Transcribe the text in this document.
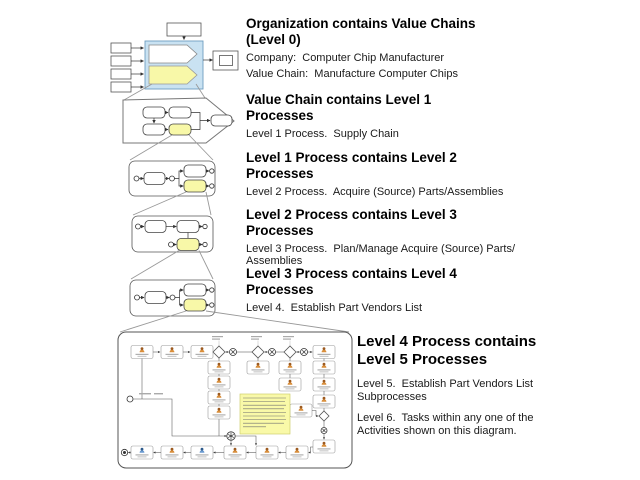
Organization contains Value Chains
(Level 0)
Company:  Computer Chip Manufacturer
Value Chain:  Manufacture Computer Chips
Value Chain contains Level 1
Processes
Level 1 Process.  Supply Chain
Level 1 Process contains Level 2
Processes
Level 2 Process.  Acquire (Source) Parts/Assemblies
Level 2 Process contains Level 3
Processes
Level 3 Process.  Plan/Manage Acquire (Source) Parts/
Assemblies
Level 3 Process contains Level 4
Processes
Level 4.  Establish Part Vendors List
Level 4 Process contains
Level 5 Processes
Level 5.  Establish Part Vendors List
Subprocesses
Level 6.  Tasks within any one of the
Activities shown on this diagram.
